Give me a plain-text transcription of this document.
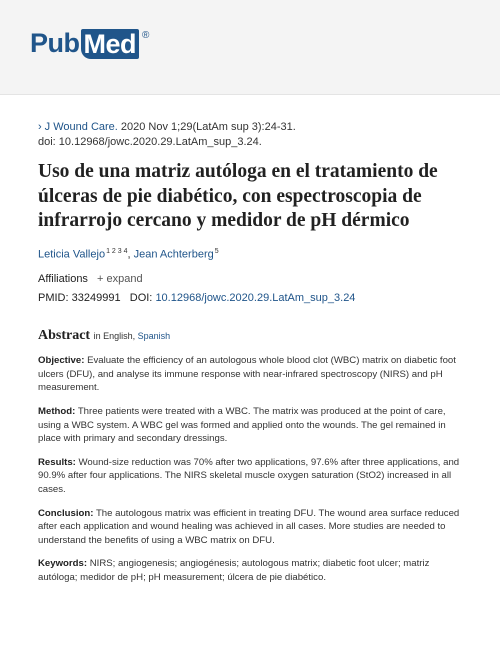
Pub Med ®
› J Wound Care. 2020 Nov 1;29(LatAm sup 3):24-31.
doi: 10.12968/jowc.2020.29.LatAm_sup_3.24.
Uso de una matriz autóloga en el tratamiento de úlceras de pie diabético, con espectroscopia de infrarrojo cercano y medidor de pH dérmico
Leticia Vallejo$^{1 2 3 4}$, Jean Achterberg$^5$
Affiliations + expand
PMID: 33249991 DOI: 10.12968/jowc.2020.29.LatAm_sup_3.24
Abstract in English, Spanish
Objective: Evaluate the efficiency of an autologous whole blood clot (WBC) matrix on diabetic foot ulcers (DFU), and analyse its immune response with near-infrared spectroscopy (NIRS) and pH measurement.
Method: Three patients were treated with a WBC. The matrix was produced at the point of care, using a WBC system. A WBC gel was formed and applied onto the wounds. The gel remained in place with primary and secondary dressings.
Results: Wound-size reduction was 70% after two applications, 97.6% after three applications, and 90.9% after four applications. The NIRS skeletal muscle oxygen saturation (StO2) increased in all cases.
Conclusion: The autologous matrix was efficient in treating DFU. The wound area surface reduced after each application and wound healing was achieved in all cases. More studies are needed to understand the benefits of using a WBC matrix on DFU.
Keywords: NIRS; angiogenesis; angiogénesis; autologous matrix; diabetic foot ulcer; matriz autóloga; medidor de pH; pH measurement; úlcera de pie diabético.
